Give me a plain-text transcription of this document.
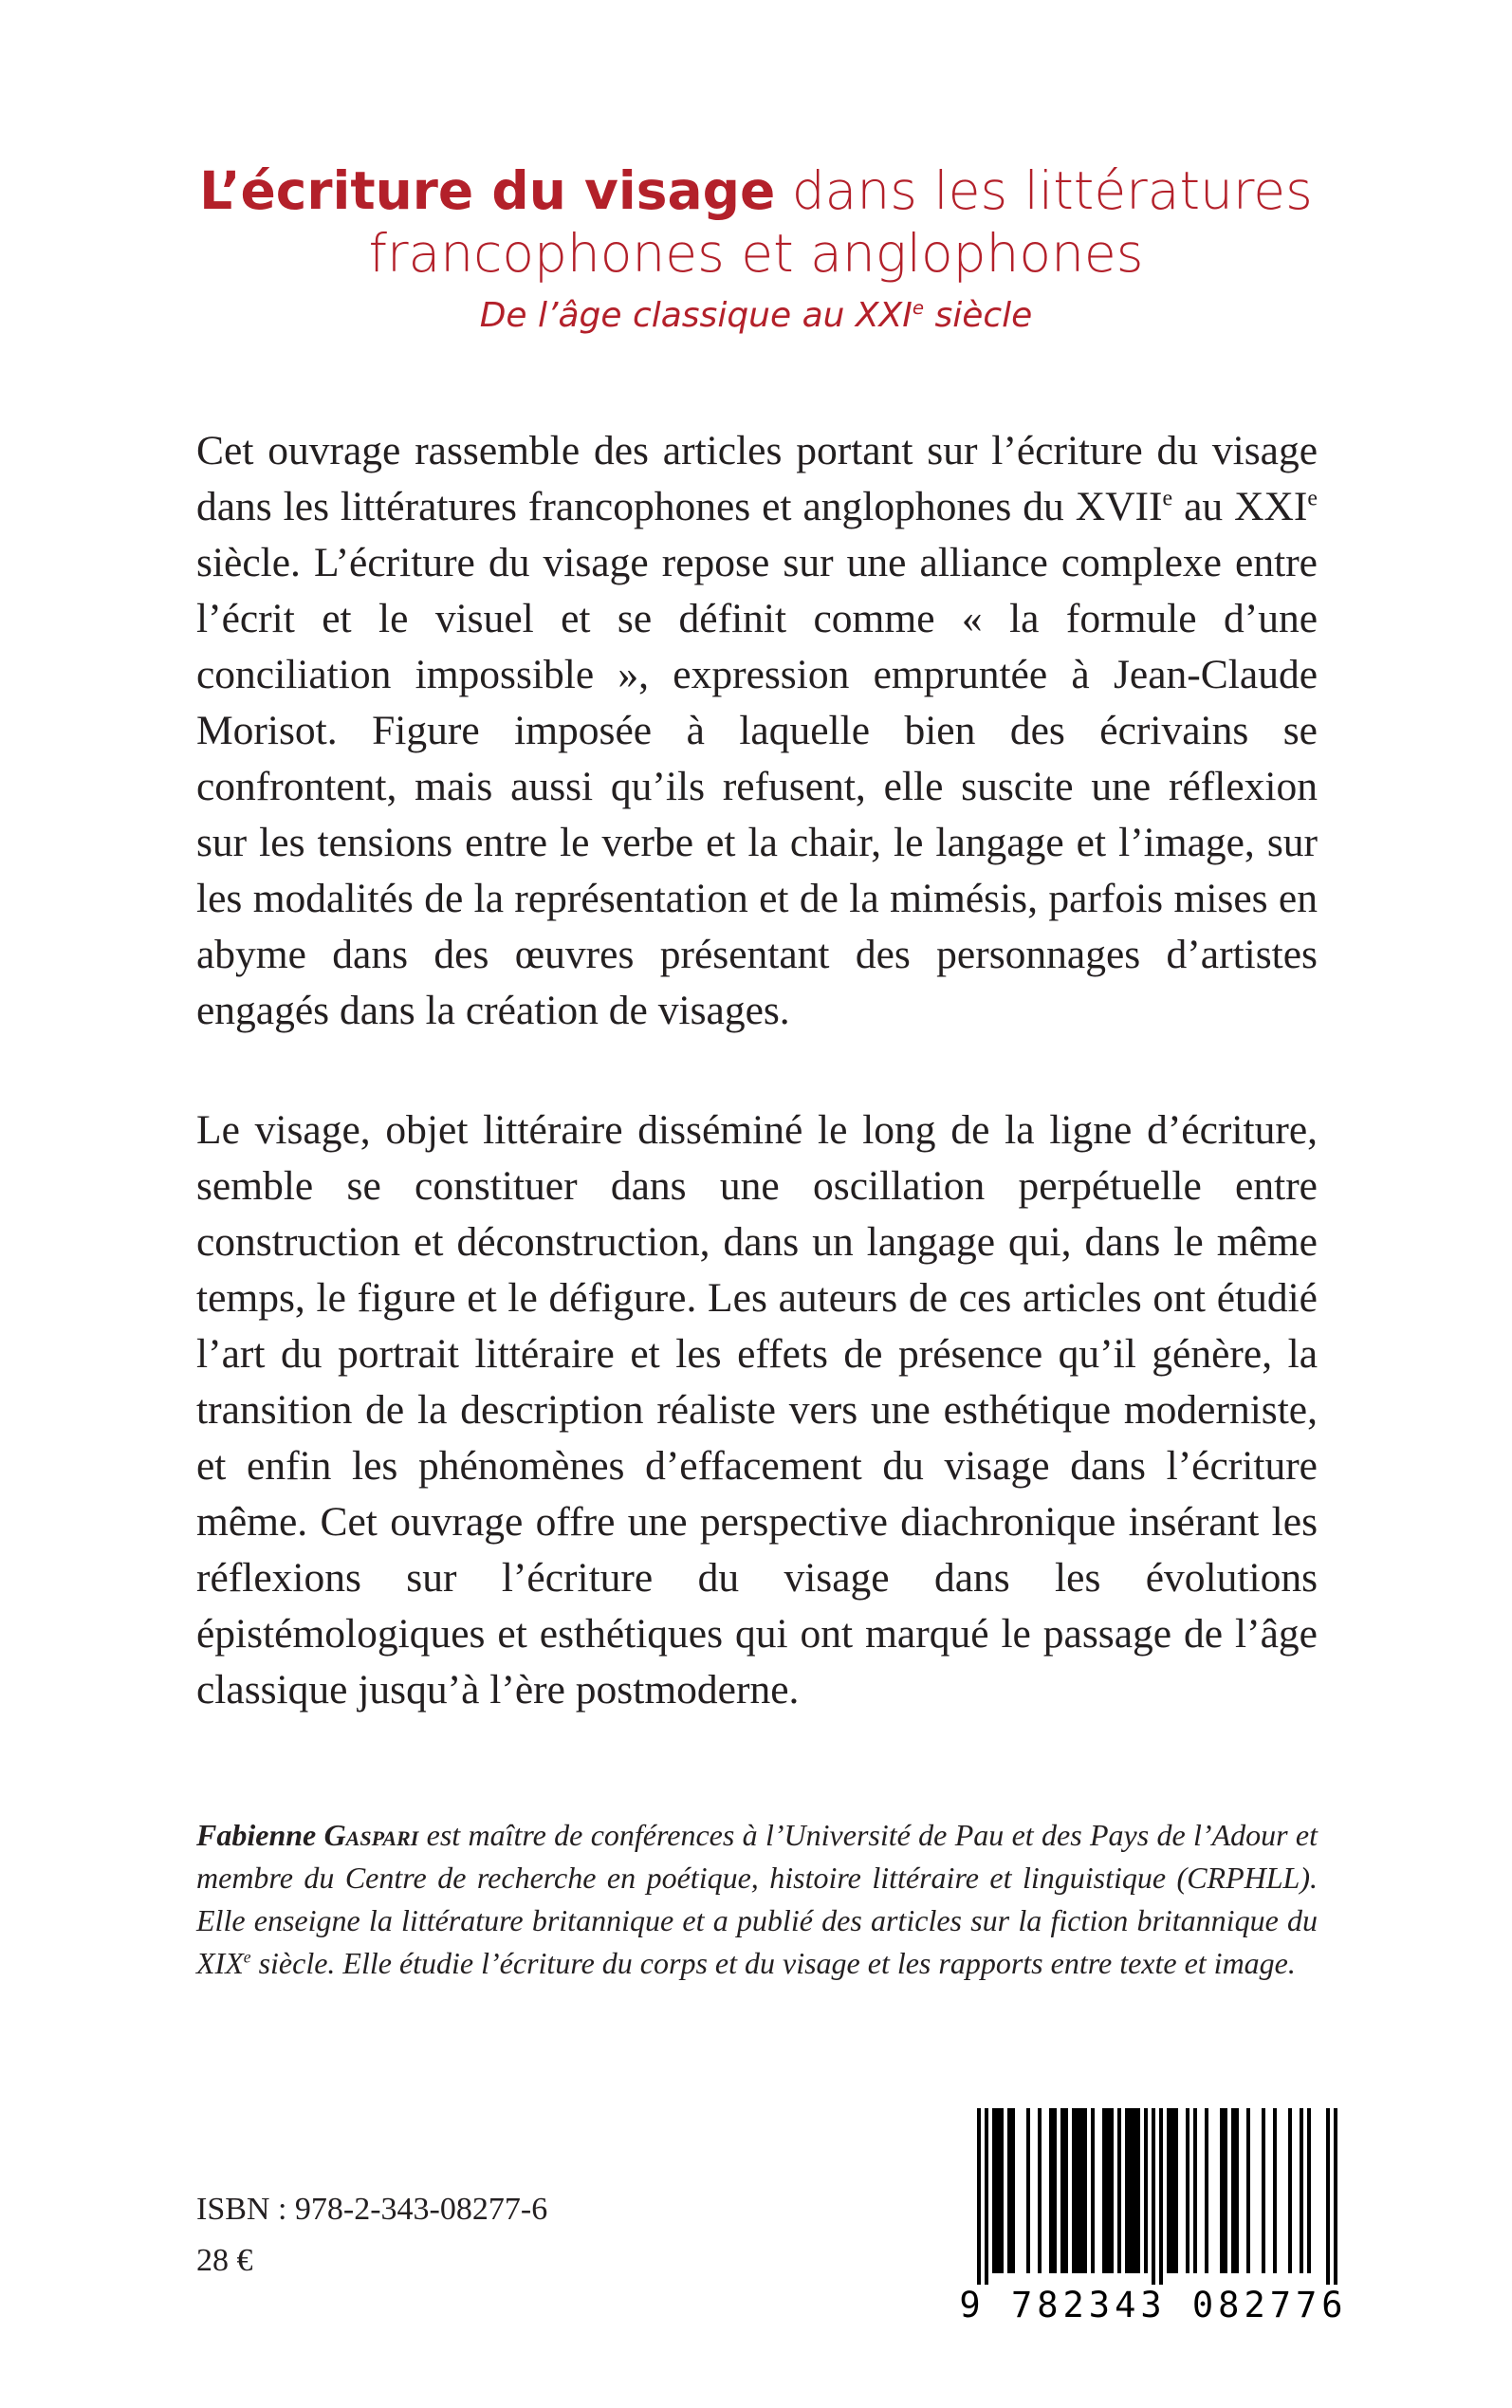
L’écriture du visage dans les littératures
francophones et anglophones
De l’âge classique au XXIe siècle

Cet ouvrage rassemble des articles portant sur l’écriture du visage dans les littératures francophones et anglophones du XVIIe au XXIe siècle. L’écriture du visage repose sur une alliance complexe entre l’écrit et le visuel et se définit comme « la formule d’une conciliation impossible », expression empruntée à Jean-Claude Morisot. Figure imposée à laquelle bien des écrivains se confrontent, mais aussi qu’ils refusent, elle suscite une réflexion sur les tensions entre le verbe et la chair, le langage et l’image, sur les modalités de la représentation et de la mimésis, parfois mises en abyme dans des œuvres présentant des personnages d’artistes engagés dans la création de visages.

Le visage, objet littéraire disséminé le long de la ligne d’écriture, semble se constituer dans une oscillation perpétuelle entre construction et déconstruction, dans un langage qui, dans le même temps, le figure et le défigure. Les auteurs de ces articles ont étudié l’art du portrait littéraire et les effets de présence qu’il génère, la transition de la description réaliste vers une esthétique moderniste, et enfin les phénomènes d’effacement du visage dans l’écriture même. Cet ouvrage offre une perspective diachronique insérant les réflexions sur l’écriture du visage dans les évolutions épistémologiques et esthétiques qui ont marqué le passage de l’âge classique jusqu’à l’ère postmoderne.

Fabienne Gaspari est maître de conférences à l’Université de Pau et des Pays de l’Adour et membre du Centre de recherche en poétique, histoire littéraire et linguistique (CRPHLL). Elle enseigne la littérature britannique et a publié des articles sur la fiction britannique du XIXe siècle. Elle étudie l’écriture du corps et du visage et les rapports entre texte et image.

ISBN : 978-2-343-08277-6
28 €
9 782343 082776
